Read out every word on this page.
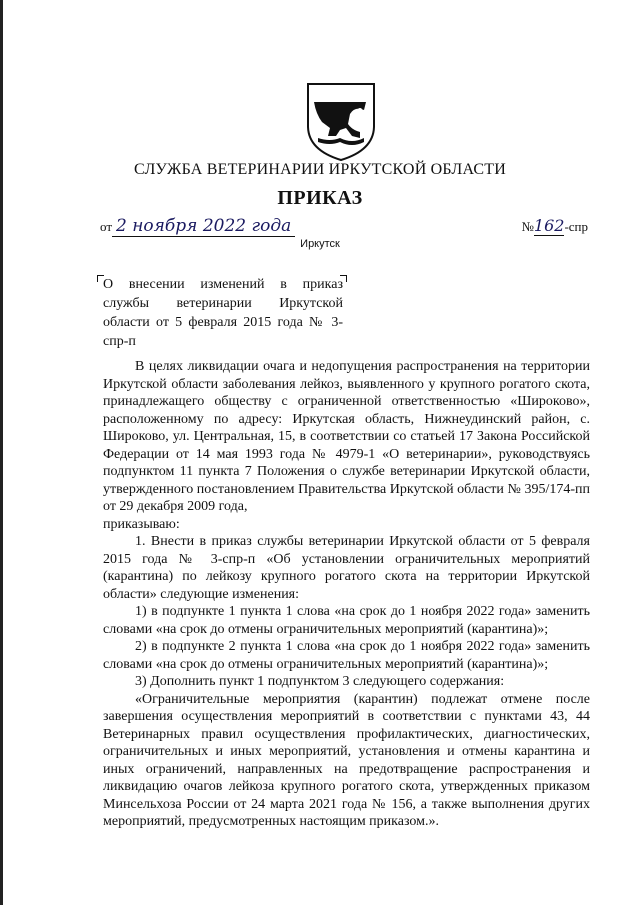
СЛУЖБА ВЕТЕРИНАРИИ ИРКУТСКОЙ ОБЛАСТИ
ПРИКАЗ
от 2 ноября 2022 года	№162-спр
Иркутск
О внесении изменений в приказ службы ветеринарии Иркутской области от 5 февраля 2015 года № 3-спр-п

В целях ликвидации очага и недопущения распространения на территории Иркутской области заболевания лейкоз, выявленного у крупного рогатого скота, принадлежащего обществу с ограниченной ответственностью «Широково», расположенному по адресу: Иркутская область, Нижнеудинский район, с. Широково, ул. Центральная, 15, в соответствии со статьей 17 Закона Российской Федерации от 14 мая 1993 года № 4979-1 «О ветеринарии», руководствуясь подпунктом 11 пункта 7 Положения о службе ветеринарии Иркутской области, утвержденного постановлением Правительства Иркутской области № 395/174-пп от 29 декабря 2009 года,

приказываю:

1. Внести в приказ службы ветеринарии Иркутской области от 5 февраля 2015 года № 3-спр-п «Об установлении ограничительных мероприятий (карантина) по лейкозу крупного рогатого скота на территории Иркутской области» следующие изменения:

1) в подпункте 1 пункта 1 слова «на срок до 1 ноября 2022 года» заменить словами «на срок до отмены ограничительных мероприятий (карантина)»;

2) в подпункте 2 пункта 1 слова «на срок до 1 ноября 2022 года» заменить словами «на срок до отмены ограничительных мероприятий (карантина)»;

3) Дополнить пункт 1 подпунктом 3 следующего содержания:

«Ограничительные мероприятия (карантин) подлежат отмене после завершения осуществления мероприятий в соответствии с пунктами 43, 44 Ветеринарных правил осуществления профилактических, диагностических, ограничительных и иных мероприятий, установления и отмены карантина и иных ограничений, направленных на предотвращение распространения и ликвидацию очагов лейкоза крупного рогатого скота, утвержденных приказом Минсельхоза России от 24 марта 2021 года № 156, а также выполнения других мероприятий, предусмотренных настоящим приказом.».
